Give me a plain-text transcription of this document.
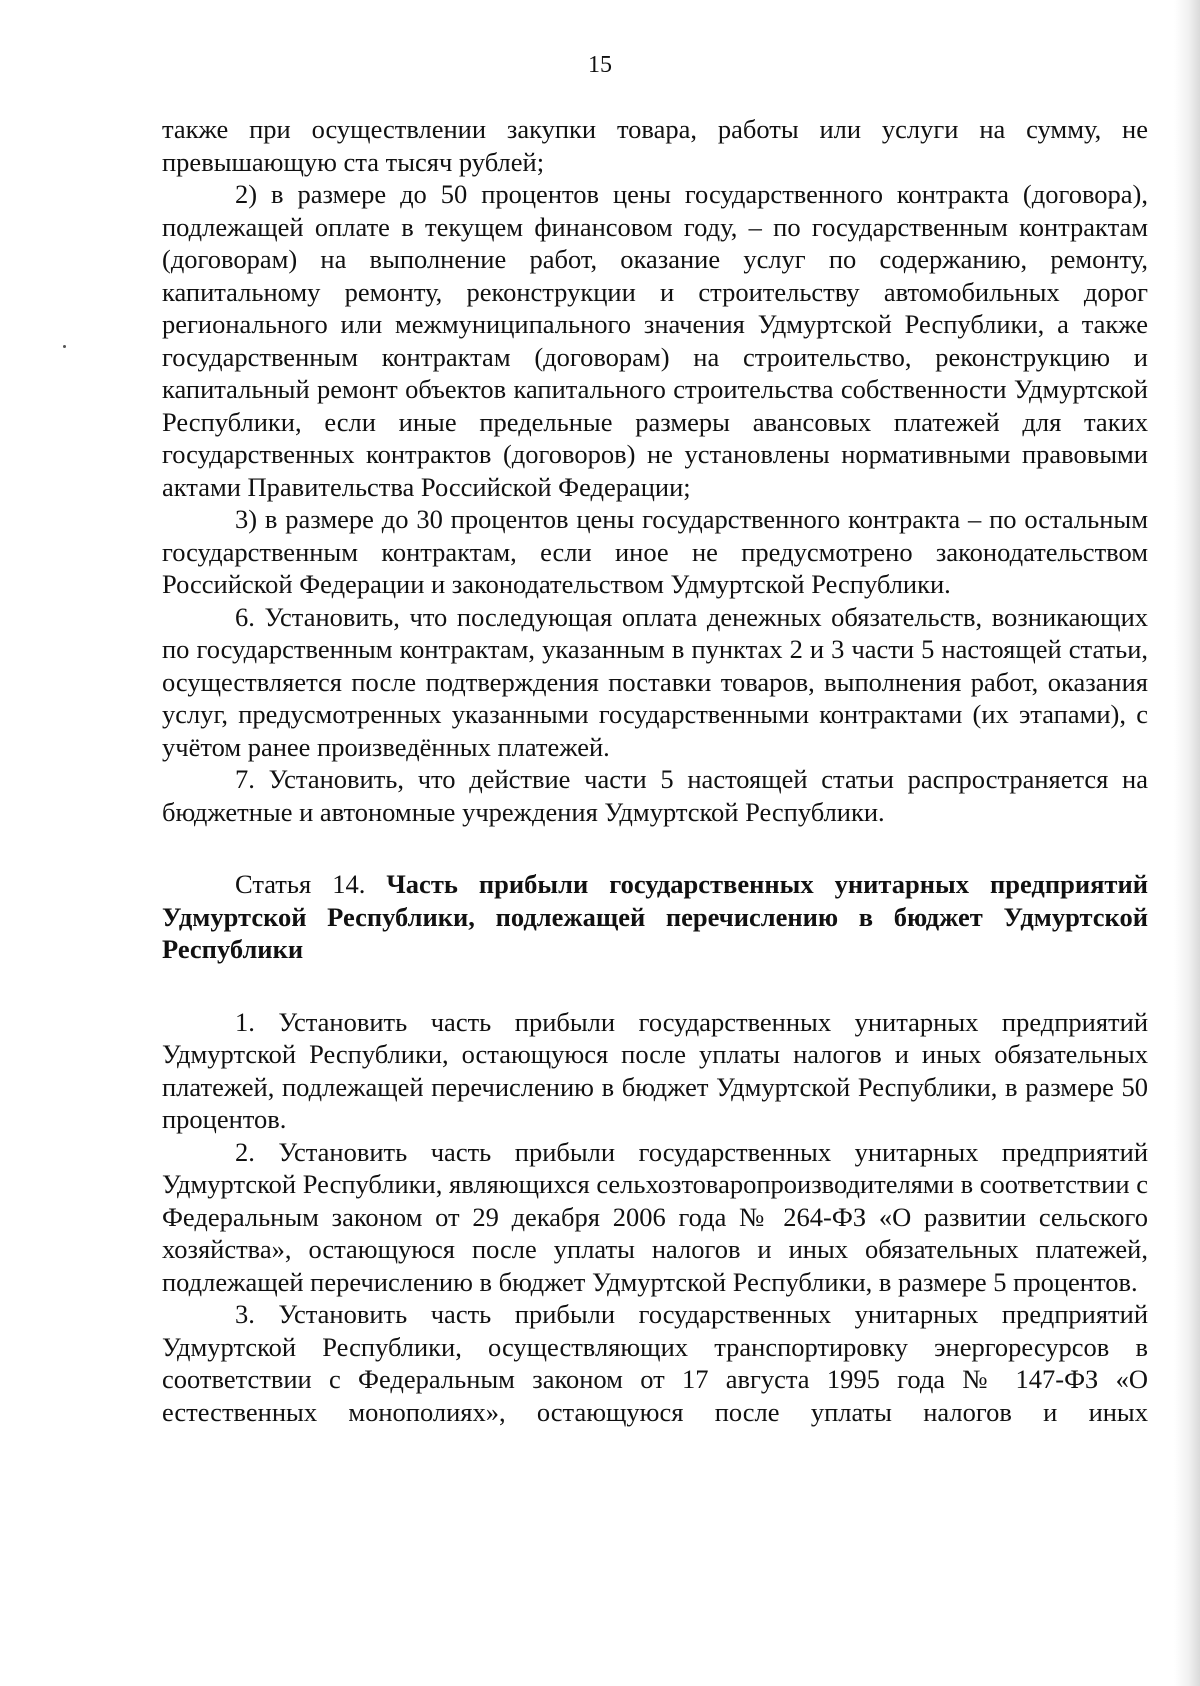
15

также при осуществлении закупки товара, работы или услуги на сумму, не превышающую ста тысяч рублей;

2) в размере до 50 процентов цены государственного контракта (договора), подлежащей оплате в текущем финансовом году, – по государственным контрактам (договорам) на выполнение работ, оказание услуг по содержанию, ремонту, капитальному ремонту, реконструкции и строительству автомобильных дорог регионального или межмуниципального значения Удмуртской Республики, а также государственным контрактам (договорам) на строительство, реконструкцию и капитальный ремонт объектов капитального строительства собственности Удмуртской Республики, если иные предельные размеры авансовых платежей для таких государственных контрактов (договоров) не установлены нормативными правовыми актами Правительства Российской Федерации;

3) в размере до 30 процентов цены государственного контракта – по остальным государственным контрактам, если иное не предусмотрено законодательством Российской Федерации и законодательством Удмуртской Республики.

6. Установить, что последующая оплата денежных обязательств, возникающих по государственным контрактам, указанным в пунктах 2 и 3 части 5 настоящей статьи, осуществляется после подтверждения поставки товаров, выполнения работ, оказания услуг, предусмотренных указанными государственными контрактами (их этапами), с учётом ранее произведённых платежей.

7. Установить, что действие части 5 настоящей статьи распространяется на бюджетные и автономные учреждения Удмуртской Республики.

Статья 14. Часть прибыли государственных унитарных предприятий Удмуртской Республики, подлежащей перечислению в бюджет Удмуртской Республики

1. Установить часть прибыли государственных унитарных предприятий Удмуртской Республики, остающуюся после уплаты налогов и иных обязательных платежей, подлежащей перечислению в бюджет Удмуртской Республики, в размере 50 процентов.

2. Установить часть прибыли государственных унитарных предприятий Удмуртской Республики, являющихся сельхозтоваропроизводителями в соответствии с Федеральным законом от 29 декабря 2006 года № 264-ФЗ «О развитии сельского хозяйства», остающуюся после уплаты налогов и иных обязательных платежей, подлежащей перечислению в бюджет Удмуртской Республики, в размере 5 процентов.

3. Установить часть прибыли государственных унитарных предприятий Удмуртской Республики, осуществляющих транспортировку энергоресурсов в соответствии с Федеральным законом от 17 августа 1995 года № 147-ФЗ «О естественных монополиях», остающуюся после уплаты налогов и иных
